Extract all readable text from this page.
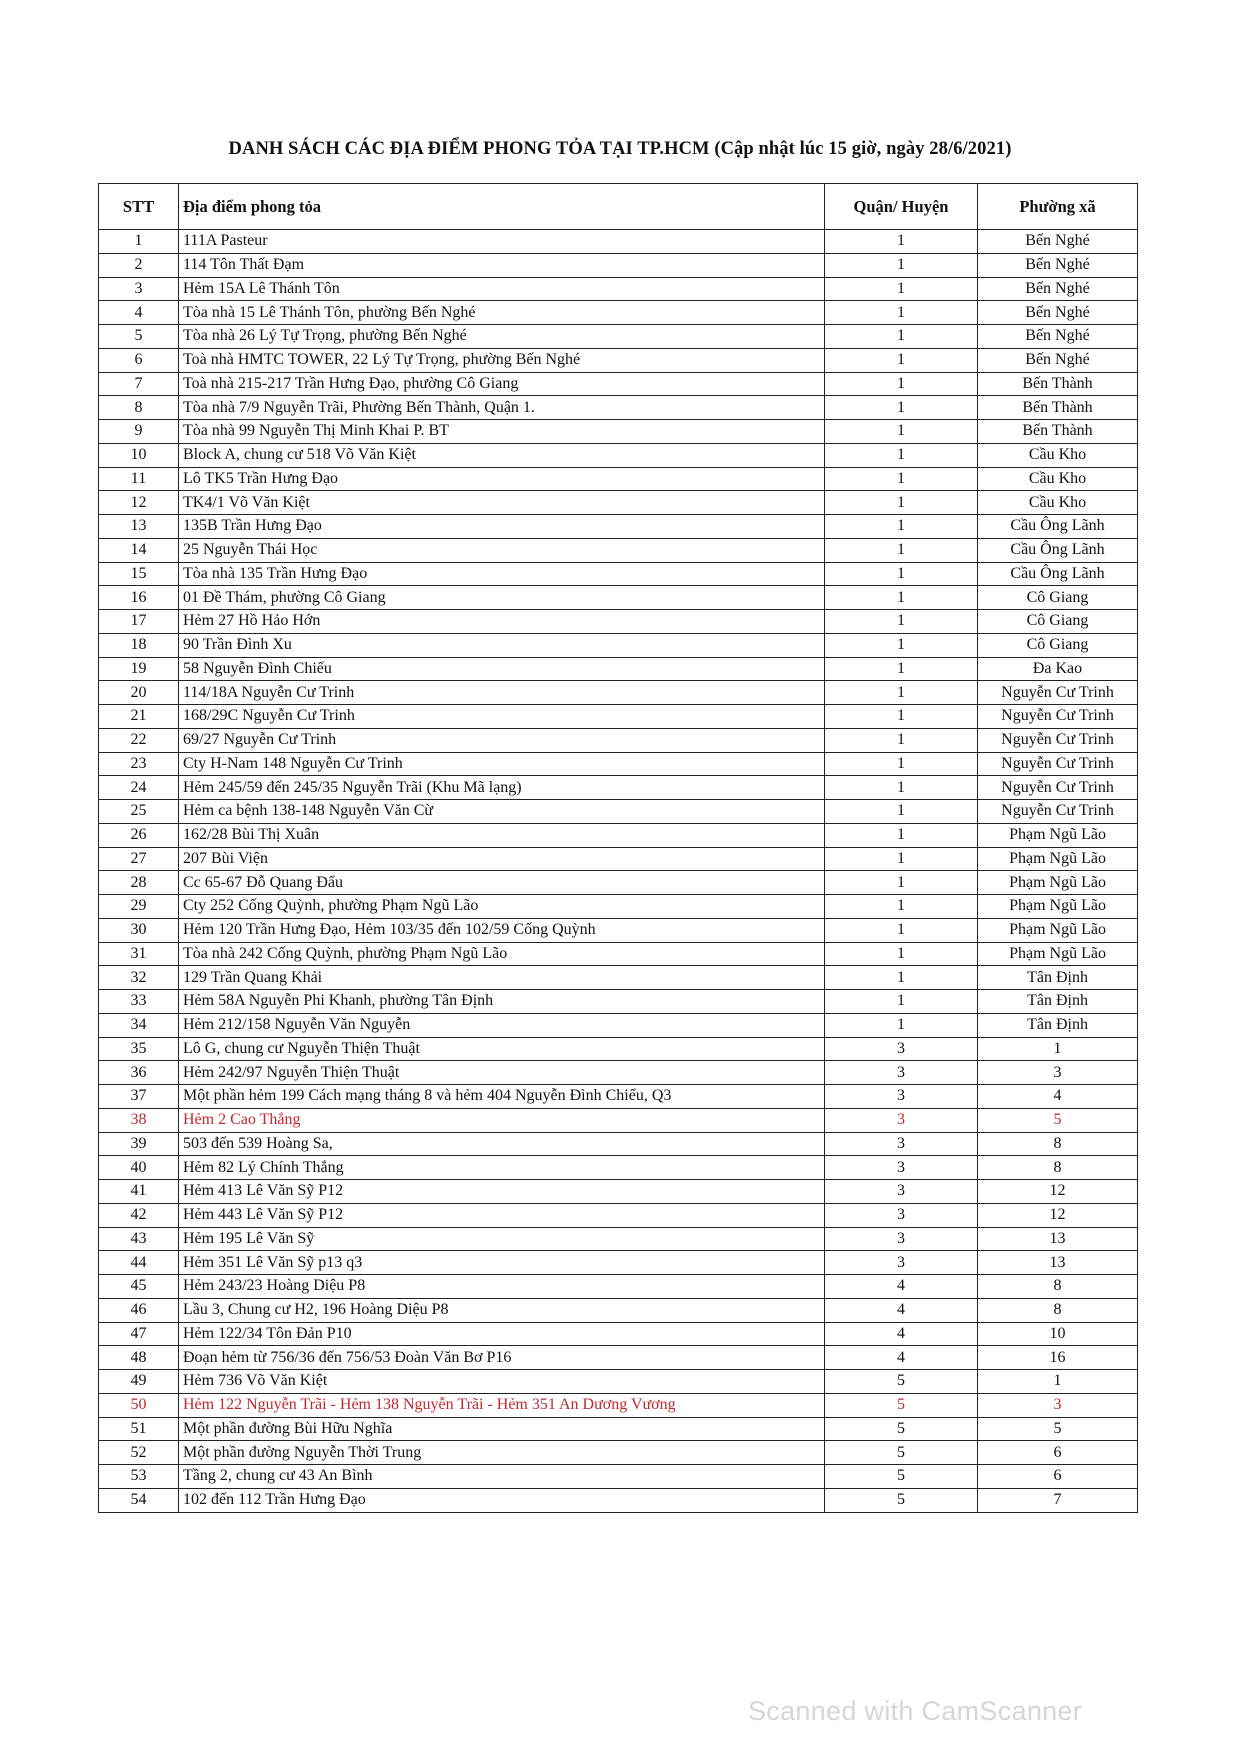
DANH SÁCH CÁC ĐỊA ĐIỂM PHONG TỎA TẠI TP.HCM (Cập nhật lúc 15 giờ, ngày 28/6/2021)
STT	Địa điểm phong tỏa	Quận/ Huyện	Phường xã
1	111A Pasteur	1	Bến Nghé
2	114 Tôn Thất Đạm	1	Bến Nghé
3	Hẻm 15A Lê Thánh Tôn	1	Bến Nghé
4	Tòa nhà 15 Lê Thánh Tôn, phường Bến Nghé	1	Bến Nghé
5	Tòa nhà 26 Lý Tự Trọng, phường Bến Nghé	1	Bến Nghé
6	Toà nhà HMTC TOWER, 22 Lý Tự Trọng, phường Bến Nghé	1	Bến Nghé
7	Toà nhà 215-217 Trần Hưng Đạo, phường Cô Giang	1	Bến Thành
8	Tòa nhà 7/9 Nguyễn Trãi, Phường Bến Thành, Quận 1.	1	Bến Thành
9	Tòa nhà 99 Nguyễn Thị Minh Khai P. BT	1	Bến Thành
10	Block A, chung cư 518 Võ Văn Kiệt	1	Cầu Kho
11	Lô TK5 Trần Hưng Đạo	1	Cầu Kho
12	TK4/1 Võ Văn Kiệt	1	Cầu Kho
13	135B Trần Hưng Đạo	1	Cầu Ông Lãnh
14	25 Nguyễn Thái Học	1	Cầu Ông Lãnh
15	Tòa nhà 135 Trần Hưng Đạo	1	Cầu Ông Lãnh
16	01 Đề Thám, phường Cô Giang	1	Cô Giang
17	Hẻm 27 Hồ Hảo Hớn	1	Cô Giang
18	90 Trần Đình Xu	1	Cô Giang
19	58 Nguyễn Đình Chiểu	1	Đa Kao
20	114/18A Nguyễn Cư Trinh	1	Nguyễn Cư Trinh
21	168/29C Nguyễn Cư Trinh	1	Nguyễn Cư Trinh
22	69/27 Nguyễn Cư Trinh	1	Nguyễn Cư Trinh
23	Cty H-Nam 148 Nguyễn Cư Trinh	1	Nguyễn Cư Trinh
24	Hẻm 245/59 đến 245/35 Nguyễn Trãi (Khu Mã lạng)	1	Nguyễn Cư Trinh
25	Hẻm ca bệnh 138-148 Nguyễn Văn Cừ	1	Nguyễn Cư Trinh
26	162/28 Bùi Thị Xuân	1	Phạm Ngũ Lão
27	207 Bùi Viện	1	Phạm Ngũ Lão
28	Cc 65-67 Đỗ Quang Đẩu	1	Phạm Ngũ Lão
29	Cty 252 Cống Quỳnh, phường Phạm Ngũ Lão	1	Phạm Ngũ Lão
30	Hẻm 120 Trần Hưng Đạo, Hẻm 103/35 đến 102/59 Cống Quỳnh	1	Phạm Ngũ Lão
31	Tòa nhà 242 Cống Quỳnh, phường Phạm Ngũ Lão	1	Phạm Ngũ Lão
32	129 Trần Quang Khải	1	Tân Định
33	Hẻm 58A Nguyễn Phi Khanh, phường Tân Định	1	Tân Định
34	Hẻm 212/158 Nguyễn Văn Nguyễn	1	Tân Định
35	Lô G, chung cư Nguyễn Thiện Thuật	3	1
36	Hẻm 242/97 Nguyễn Thiện Thuật	3	3
37	Một phần hẻm 199 Cách mạng tháng 8 và hẻm 404 Nguyễn Đình Chiểu, Q3	3	4
38	Hẻm 2 Cao Thắng	3	5
39	503 đến 539 Hoàng Sa,	3	8
40	Hẻm 82 Lý Chính Thắng	3	8
41	Hẻm 413 Lê Văn Sỹ P12	3	12
42	Hẻm 443 Lê Văn Sỹ P12	3	12
43	Hẻm 195 Lê Văn Sỹ	3	13
44	Hẻm 351 Lê Văn Sỹ p13 q3	3	13
45	Hẻm 243/23 Hoàng Diệu P8	4	8
46	Lầu 3, Chung cư H2, 196 Hoàng Diệu P8	4	8
47	Hẻm 122/34 Tôn Đản P10	4	10
48	Đoạn hẻm từ 756/36 đến 756/53 Đoàn Văn Bơ P16	4	16
49	Hẻm 736 Võ Văn Kiệt	5	1
50	Hẻm 122 Nguyễn Trãi - Hẻm 138 Nguyễn Trãi - Hẻm 351 An Dương Vương	5	3
51	Một phần đường Bùi Hữu Nghĩa	5	5
52	Một phần đường Nguyễn Thời Trung	5	6
53	Tầng 2, chung cư 43 An Bình	5	6
54	102 đến 112 Trần Hưng Đạo	5	7
Scanned with CamScanner
